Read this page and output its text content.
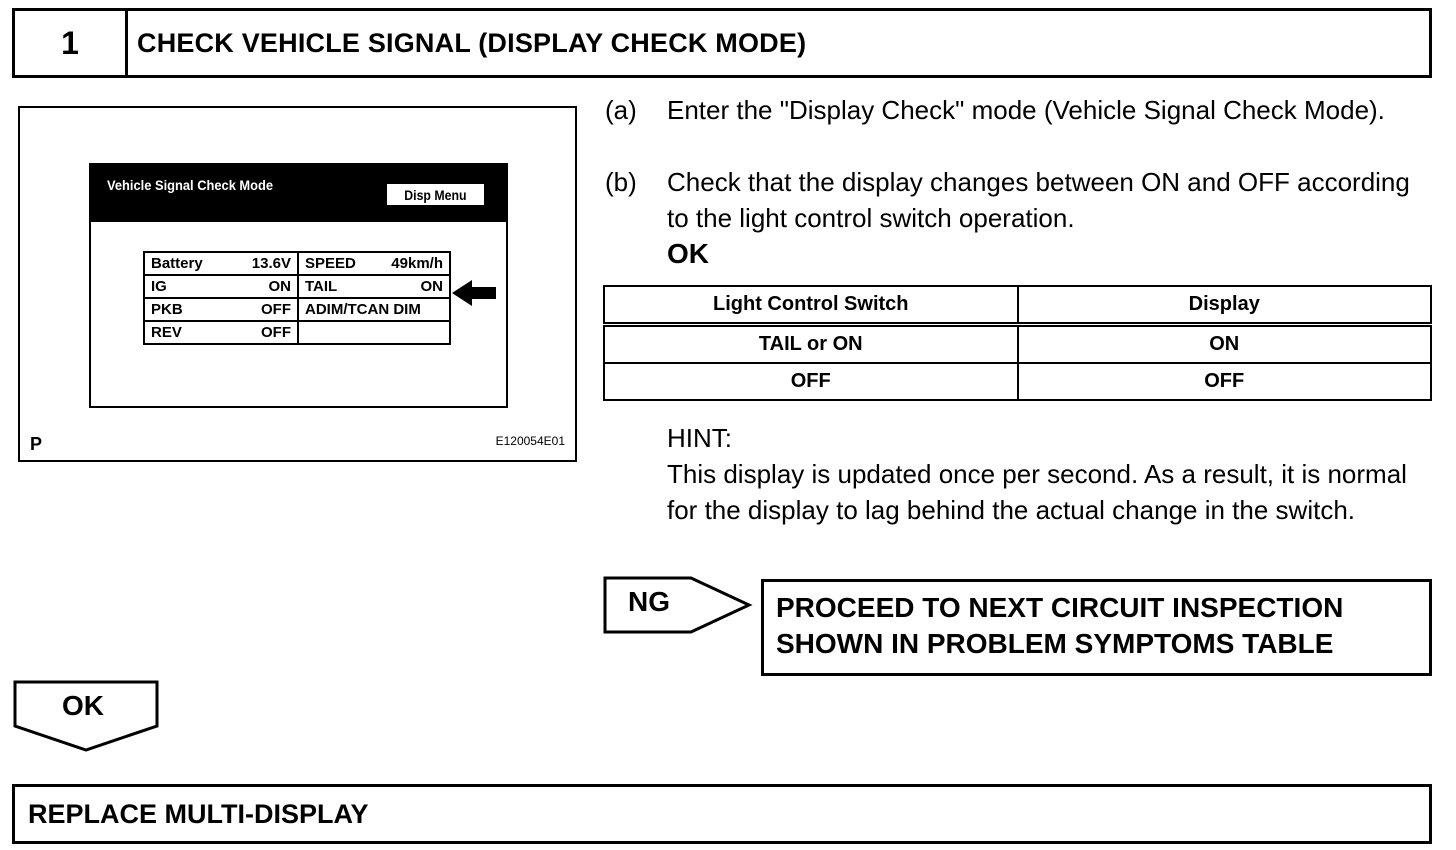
1	CHECK VEHICLE SIGNAL (DISPLAY CHECK MODE)
Vehicle Signal Check Mode
Disp Menu
Battery 13.6V	SPEED 49km/h

IG ON	TAIL ON

PKB OFF	ADIM/TCAN DIM

REV OFF	

P	E120054E01
(a) Enter the "Display Check" mode (Vehicle Signal Check Mode).
(b) Check that the display changes between ON and OFF according to the light control switch operation.
OK
Light Control Switch	Display
TAIL or ON	ON
OFF	OFF
HINT:
This display is updated once per second. As a result, it is normal for the display to lag behind the actual change in the switch.
NG	PROCEED TO NEXT CIRCUIT INSPECTION
SHOWN IN PROBLEM SYMPTOMS TABLE
OK
REPLACE MULTI-DISPLAY
